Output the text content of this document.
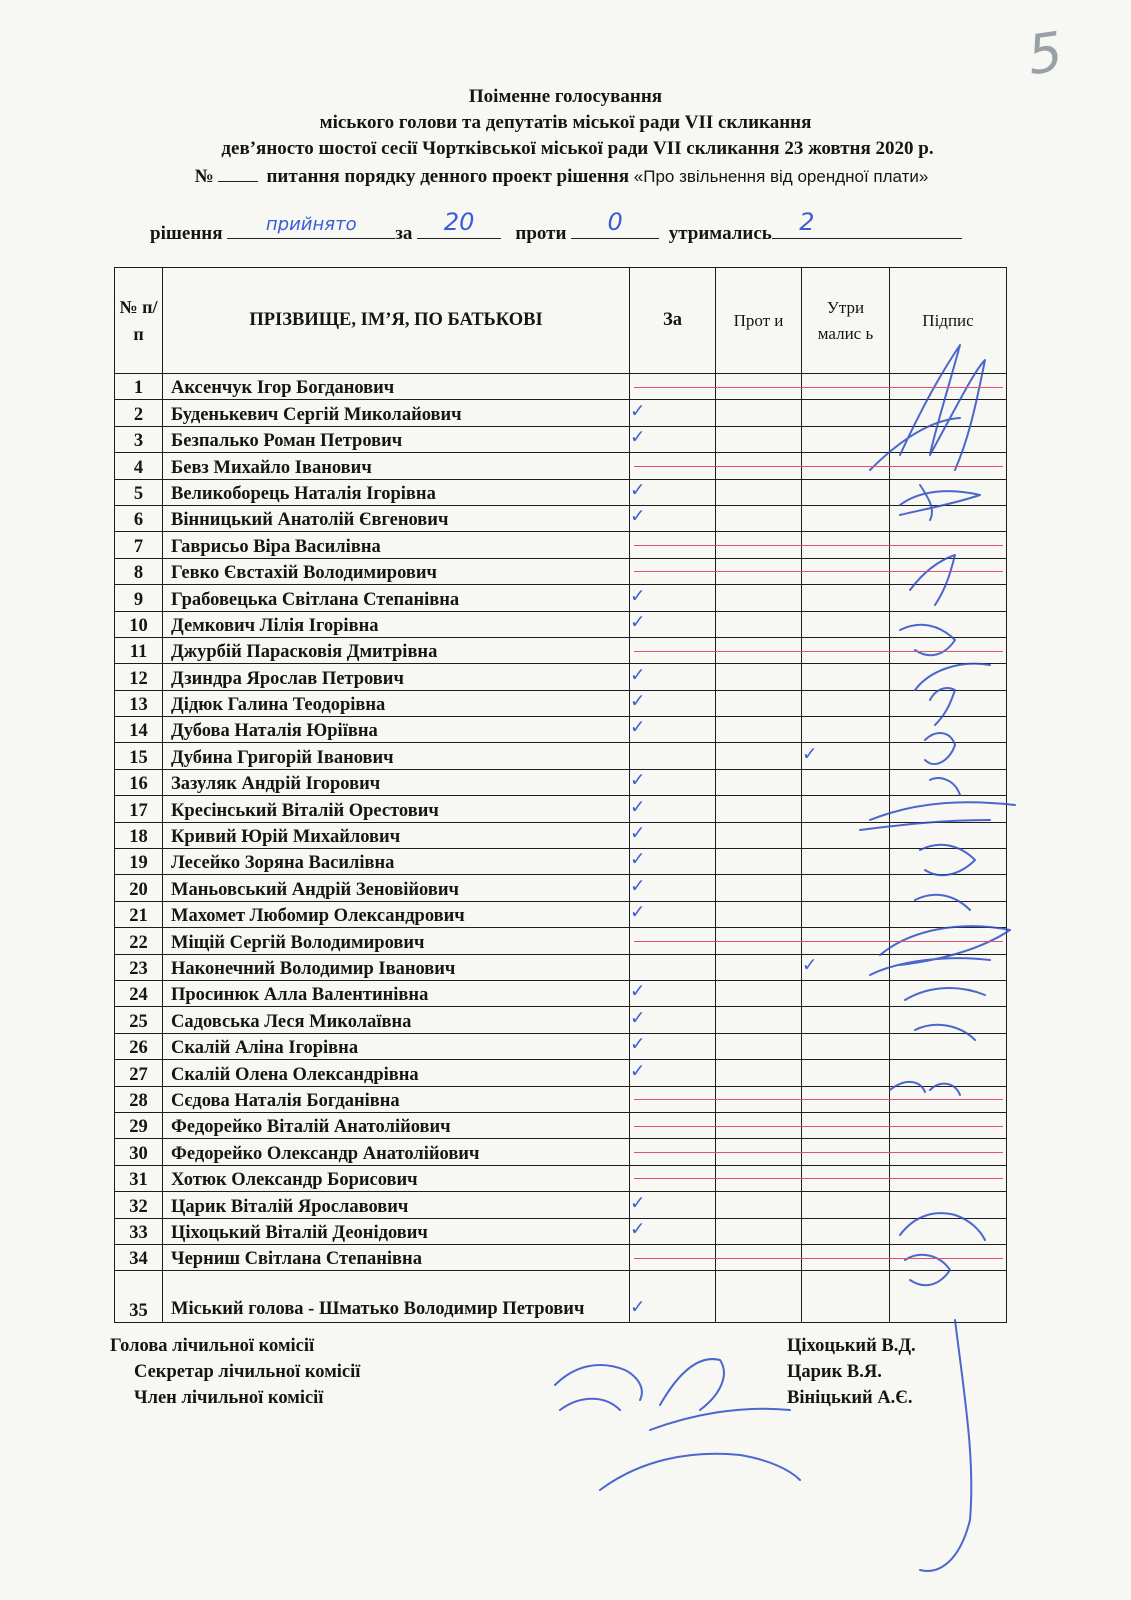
5
Поіменне голосування
міського голови та депутатів міської ради VII скликання
дев’яносто шостої сесії Чортківської міської ради VII скликання 23 жовтня 2020 р.
№	питання порядку денного проект рішення «Про звільнення від орендної плати»
рішення	прийнято	за	20	проти	0	утримались	2
№ п/п	ПРІЗВИЩЕ, ІМ’Я, ПО БАТЬКОВІ	За	Прот и	Утри малис ь	Підпис
1	Аксенчук Ігор Богданович				
2	Буденькевич Сергій Миколайович	✓			
3	Безпалько Роман Петрович	✓			
4	Бевз Михайло Іванович				
5	Великоборець Наталія Ігорівна	✓			
6	Вінницький Анатолій Євгенович	✓			
7	Гаврисьо Віра Василівна				
8	Гевко Євстахій Володимирович				
9	Грабовецька Світлана Степанівна	✓			
10	Демкович Лілія Ігорівна	✓			
11	Джурбій Парасковія Дмитрівна				
12	Дзиндра Ярослав Петрович	✓			
13	Дідюк Галина Теодорівна	✓			
14	Дубова Наталія Юріївна	✓			
15	Дубина Григорій Іванович			✓	
16	Зазуляк Андрій Ігорович	✓			
17	Кресінський Віталій Орестович	✓			
18	Кривий Юрій Михайлович	✓			
19	Лесейко Зоряна Василівна	✓			
20	Маньовський Андрій Зеновійович	✓			
21	Махомет Любомир Олександрович	✓			
22	Міщій Сергій Володимирович				
23	Наконечний Володимир Іванович			✓	
24	Просинюк Алла Валентинівна	✓			
25	Садовська Леся Миколаївна	✓			
26	Скалій Аліна Ігорівна	✓			
27	Скалій Олена Олександрівна	✓			
28	Сєдова Наталія Богданівна				
29	Федорейко Віталій Анатолійович				
30	Федорейко Олександр Анатолійович				
31	Хотюк Олександр Борисович				
32	Царик Віталій Ярославович	✓			
33	Ціхоцький Віталій Деонідович	✓			
34	Черниш Світлана Степанівна				
35	Міський голова - Шматько Володимир Петрович	✓			
Голова лічильної комісії
Секретар лічильної комісії
Член лічильної комісії
Ціхоцький В.Д.
Царик В.Я.
Вініцький А.Є.
